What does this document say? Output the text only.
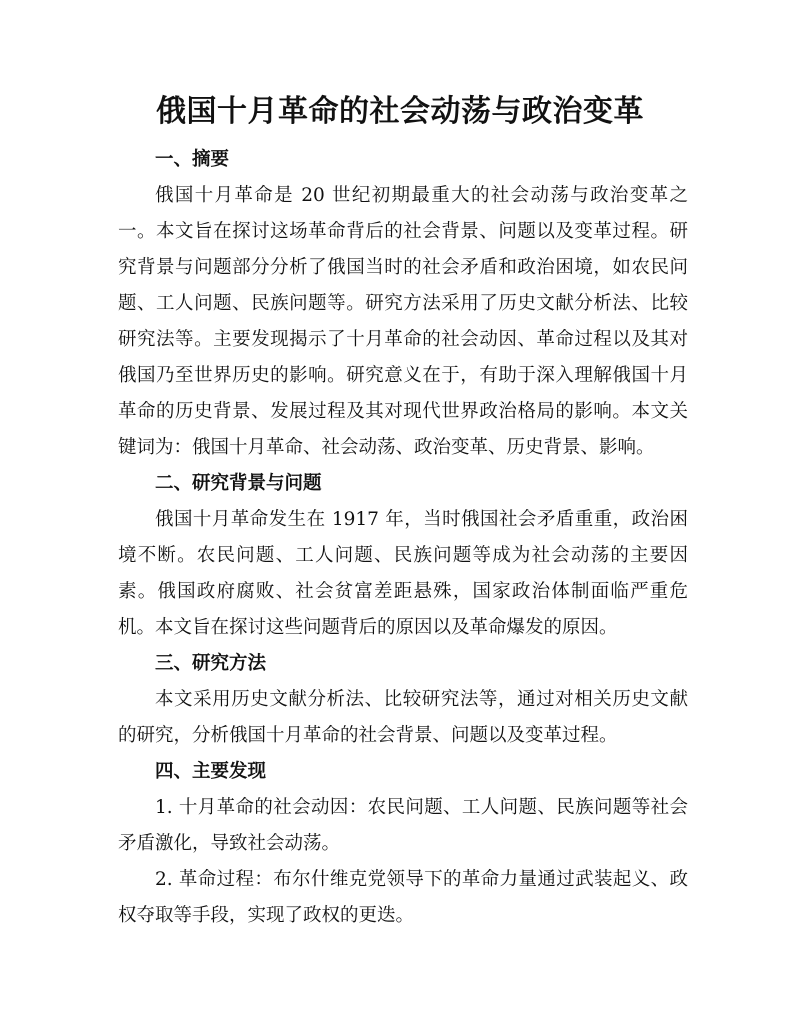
俄国十月革命的社会动荡与政治变革
一、摘要

俄国十月革命是 20 世纪初期最重大的社会动荡与政治变革之一。本文旨在探讨这场革命背后的社会背景、问题以及变革过程。研究背景与问题部分分析了俄国当时的社会矛盾和政治困境，如农民问题、工人问题、民族问题等。研究方法采用了历史文献分析法、比较研究法等。主要发现揭示了十月革命的社会动因、革命过程以及其对俄国乃至世界历史的影响。研究意义在于，有助于深入理解俄国十月革命的历史背景、发展过程及其对现代世界政治格局的影响。本文关键词为：俄国十月革命、社会动荡、政治变革、历史背景、影响。

二、研究背景与问题

俄国十月革命发生在 1917 年，当时俄国社会矛盾重重，政治困境不断。农民问题、工人问题、民族问题等成为社会动荡的主要因素。俄国政府腐败、社会贫富差距悬殊，国家政治体制面临严重危机。本文旨在探讨这些问题背后的原因以及革命爆发的原因。

三、研究方法

本文采用历史文献分析法、比较研究法等，通过对相关历史文献的研究，分析俄国十月革命的社会背景、问题以及变革过程。

四、主要发现

1. 十月革命的社会动因：农民问题、工人问题、民族问题等社会矛盾激化，导致社会动荡。

2. 革命过程：布尔什维克党领导下的革命力量通过武装起义、政权夺取等手段，实现了政权的更迭。
